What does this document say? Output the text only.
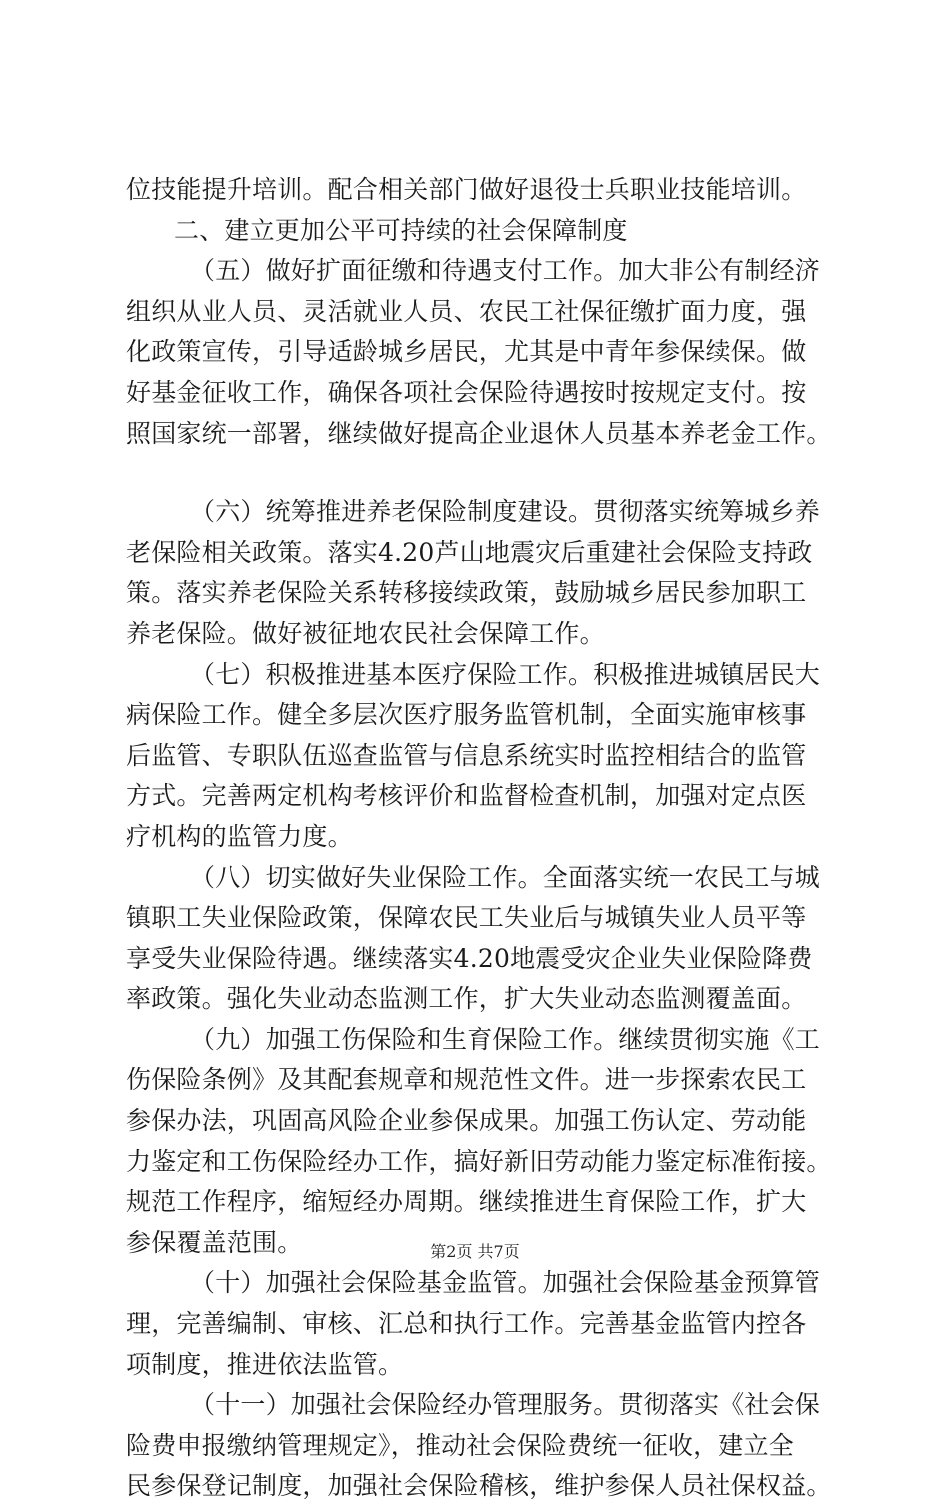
位技能提升培训。配合相关部门做好退役士兵职业技能培训。
二、建立更加公平可持续的社会保障制度
（五）做好扩面征缴和待遇支付工作。加大非公有制经济
组织从业人员、灵活就业人员、农民工社保征缴扩面力度，强
化政策宣传，引导适龄城乡居民，尤其是中青年参保续保。做
好基金征收工作，确保各项社会保险待遇按时按规定支付。按
照国家统一部署，继续做好提高企业退休人员基本养老金工作。
（六）统筹推进养老保险制度建设。贯彻落实统筹城乡养
老保险相关政策。落实4.20芦山地震灾后重建社会保险支持政
策。落实养老保险关系转移接续政策，鼓励城乡居民参加职工
养老保险。做好被征地农民社会保障工作。
（七）积极推进基本医疗保险工作。积极推进城镇居民大
病保险工作。健全多层次医疗服务监管机制，全面实施审核事
后监管、专职队伍巡查监管与信息系统实时监控相结合的监管
方式。完善两定机构考核评价和监督检查机制，加强对定点医
疗机构的监管力度。
（八）切实做好失业保险工作。全面落实统一农民工与城
镇职工失业保险政策，保障农民工失业后与城镇失业人员平等
享受失业保险待遇。继续落实4.20地震受灾企业失业保险降费
率政策。强化失业动态监测工作，扩大失业动态监测覆盖面。
（九）加强工伤保险和生育保险工作。继续贯彻实施《工
伤保险条例》及其配套规章和规范性文件。进一步探索农民工
参保办法，巩固高风险企业参保成果。加强工伤认定、劳动能
力鉴定和工伤保险经办工作，搞好新旧劳动能力鉴定标准衔接。
规范工作程序，缩短经办周期。继续推进生育保险工作，扩大
参保覆盖范围。
（十）加强社会保险基金监管。加强社会保险基金预算管
理，完善编制、审核、汇总和执行工作。完善基金监管内控各
项制度，推进依法监管。
（十一）加强社会保险经办管理服务。贯彻落实《社会保
险费申报缴纳管理规定》，推动社会保险费统一征收，建立全
民参保登记制度，加强社会保险稽核，维护参保人员社保权益。
第2页 共7页
